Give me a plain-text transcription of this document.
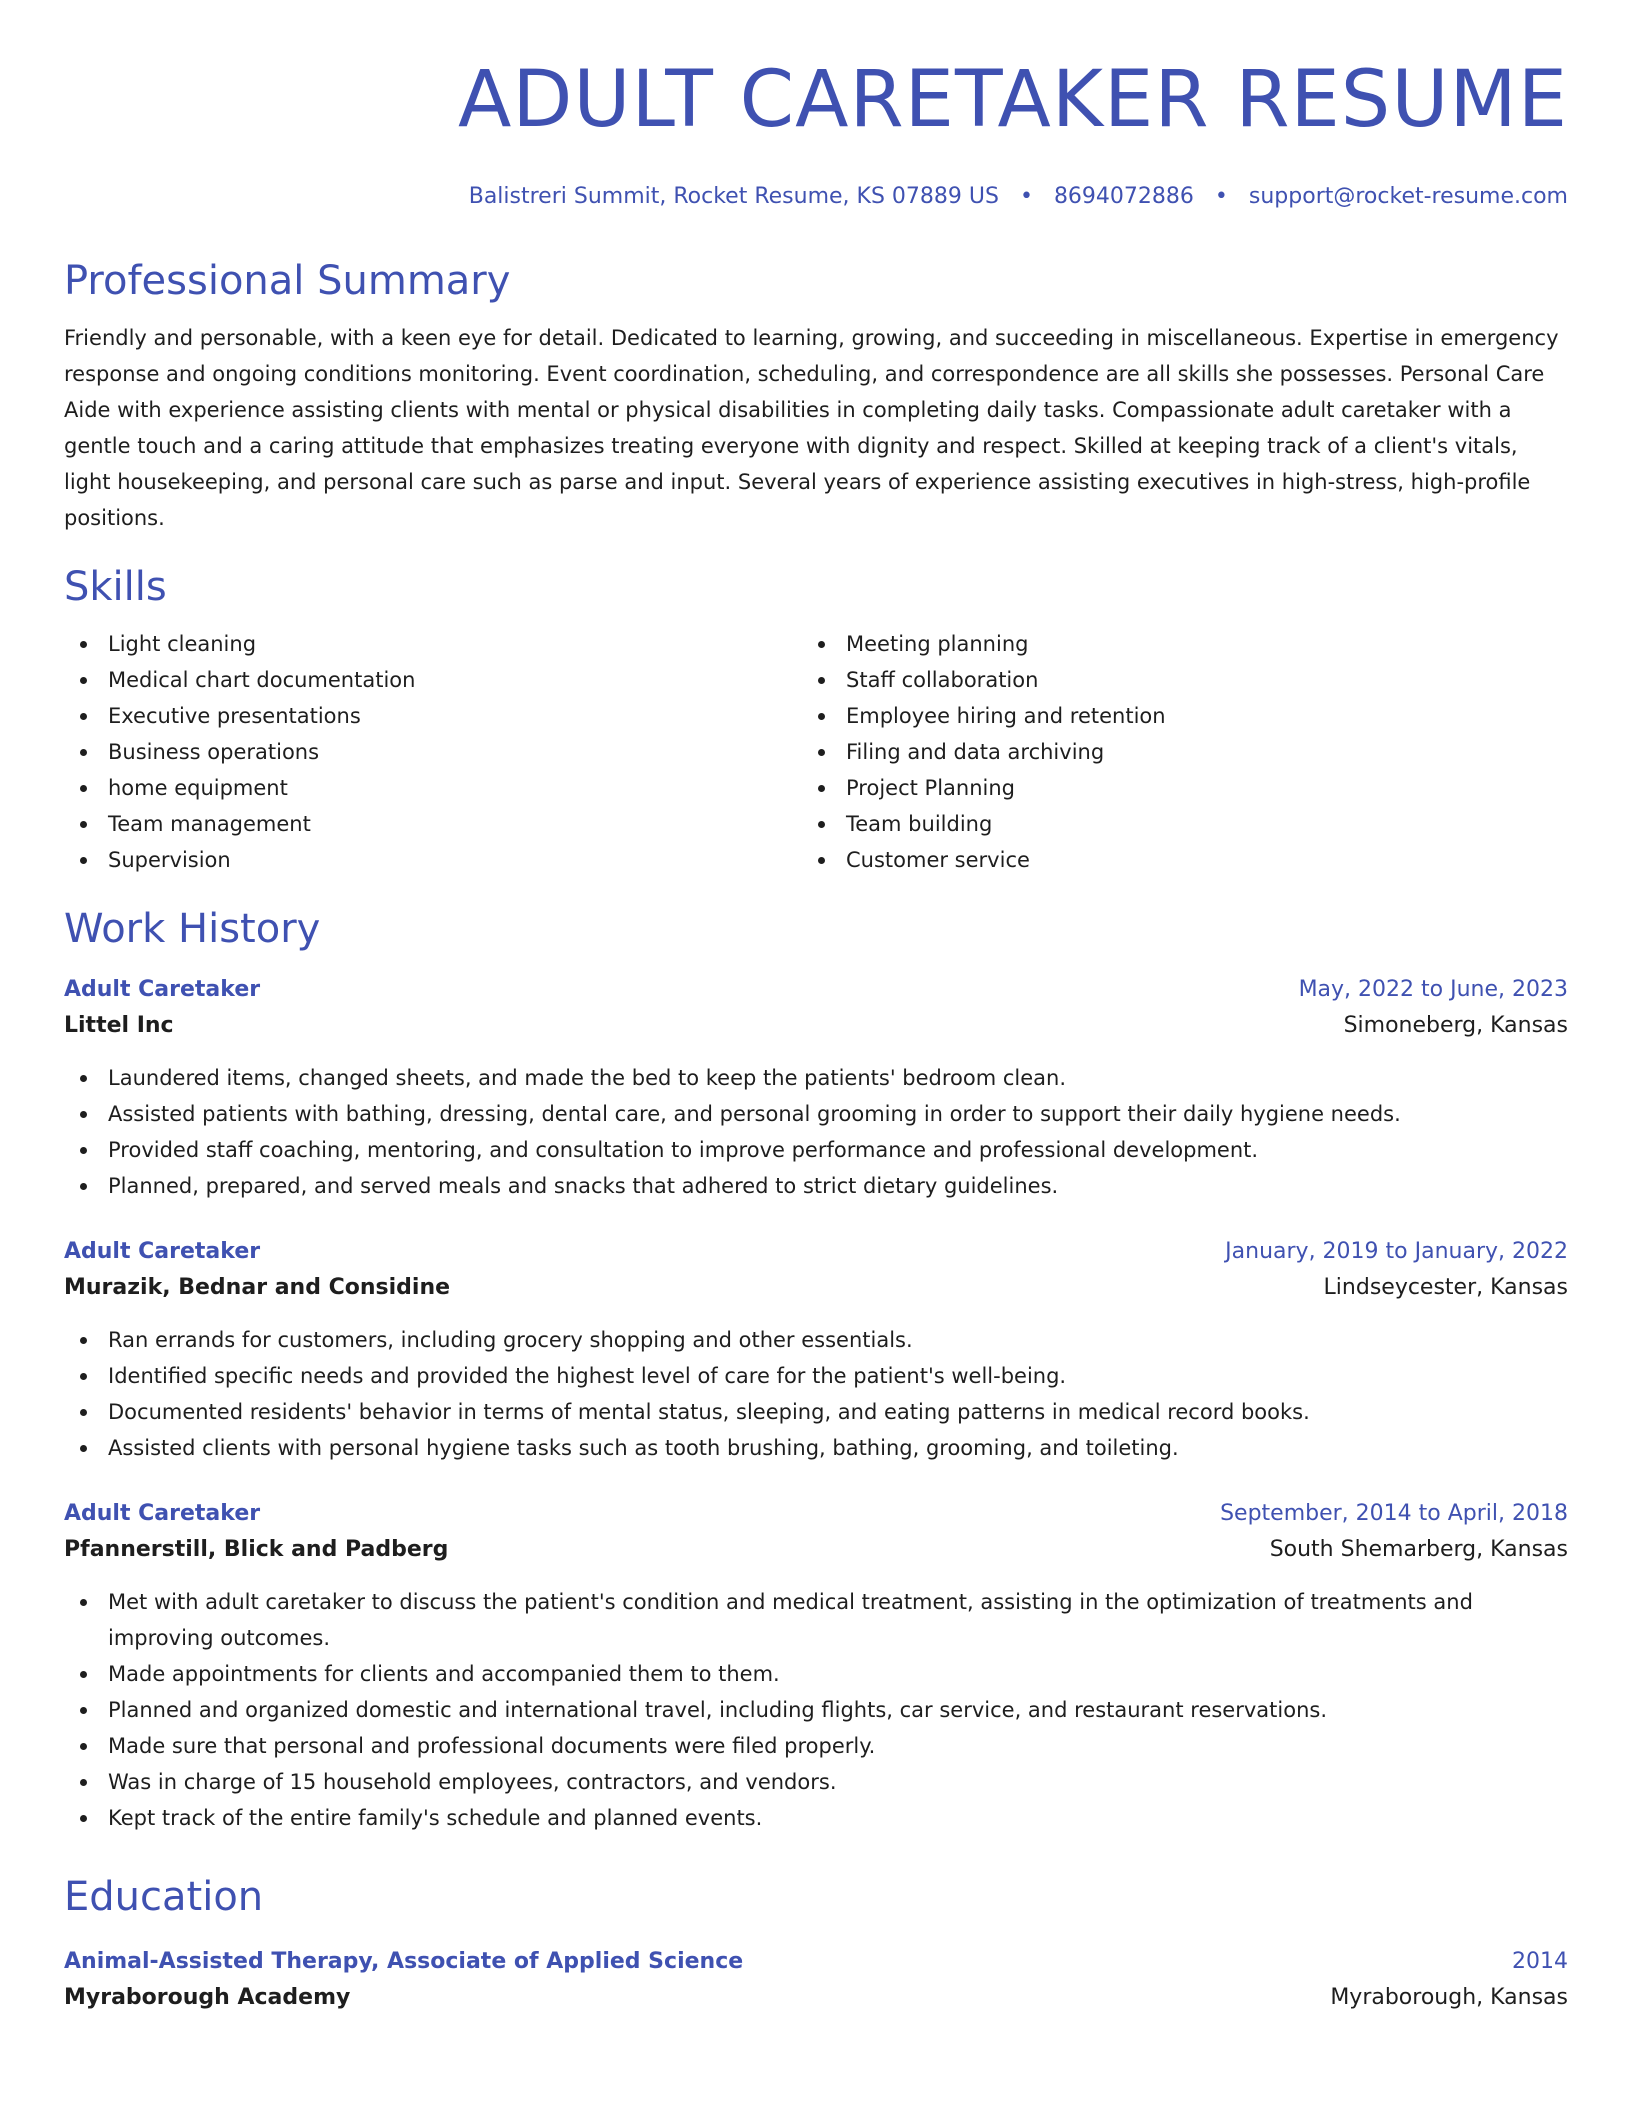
ADULT CARETAKER RESUME
Balistreri Summit, Rocket Resume, KS 07889 US • 8694072886 • support@rocket-resume.com
Professional Summary
Friendly and personable, with a keen eye for detail. Dedicated to learning, growing, and succeeding in miscellaneous. Expertise in emergency response and ongoing conditions monitoring. Event coordination, scheduling, and correspondence are all skills she possesses. Personal Care Aide with experience assisting clients with mental or physical disabilities in completing daily tasks. Compassionate adult caretaker with a gentle touch and a caring attitude that emphasizes treating everyone with dignity and respect. Skilled at keeping track of a client's vitals, light housekeeping, and personal care such as parse and input. Several years of experience assisting executives in high-stress, high-profile positions.
Skills
Light cleaning
Medical chart documentation
Executive presentations
Business operations
home equipment
Team management
Supervision
Meeting planning
Staff collaboration
Employee hiring and retention
Filing and data archiving
Project Planning
Team building
Customer service
Work History
Adult Caretaker	May, 2022 to June, 2023
Littel Inc	Simoneberg, Kansas
Laundered items, changed sheets, and made the bed to keep the patients' bedroom clean.
Assisted patients with bathing, dressing, dental care, and personal grooming in order to support their daily hygiene needs.
Provided staff coaching, mentoring, and consultation to improve performance and professional development.
Planned, prepared, and served meals and snacks that adhered to strict dietary guidelines.
Adult Caretaker	January, 2019 to January, 2022
Murazik, Bednar and Considine	Lindseycester, Kansas
Ran errands for customers, including grocery shopping and other essentials.
Identified specific needs and provided the highest level of care for the patient's well-being.
Documented residents' behavior in terms of mental status, sleeping, and eating patterns in medical record books.
Assisted clients with personal hygiene tasks such as tooth brushing, bathing, grooming, and toileting.
Adult Caretaker	September, 2014 to April, 2018
Pfannerstill, Blick and Padberg	South Shemarberg, Kansas
Met with adult caretaker to discuss the patient's condition and medical treatment, assisting in the optimization of treatments and improving outcomes.
Made appointments for clients and accompanied them to them.
Planned and organized domestic and international travel, including flights, car service, and restaurant reservations.
Made sure that personal and professional documents were filed properly.
Was in charge of 15 household employees, contractors, and vendors.
Kept track of the entire family's schedule and planned events.
Education
Animal-Assisted Therapy, Associate of Applied Science	2014
Myraborough Academy	Myraborough, Kansas
